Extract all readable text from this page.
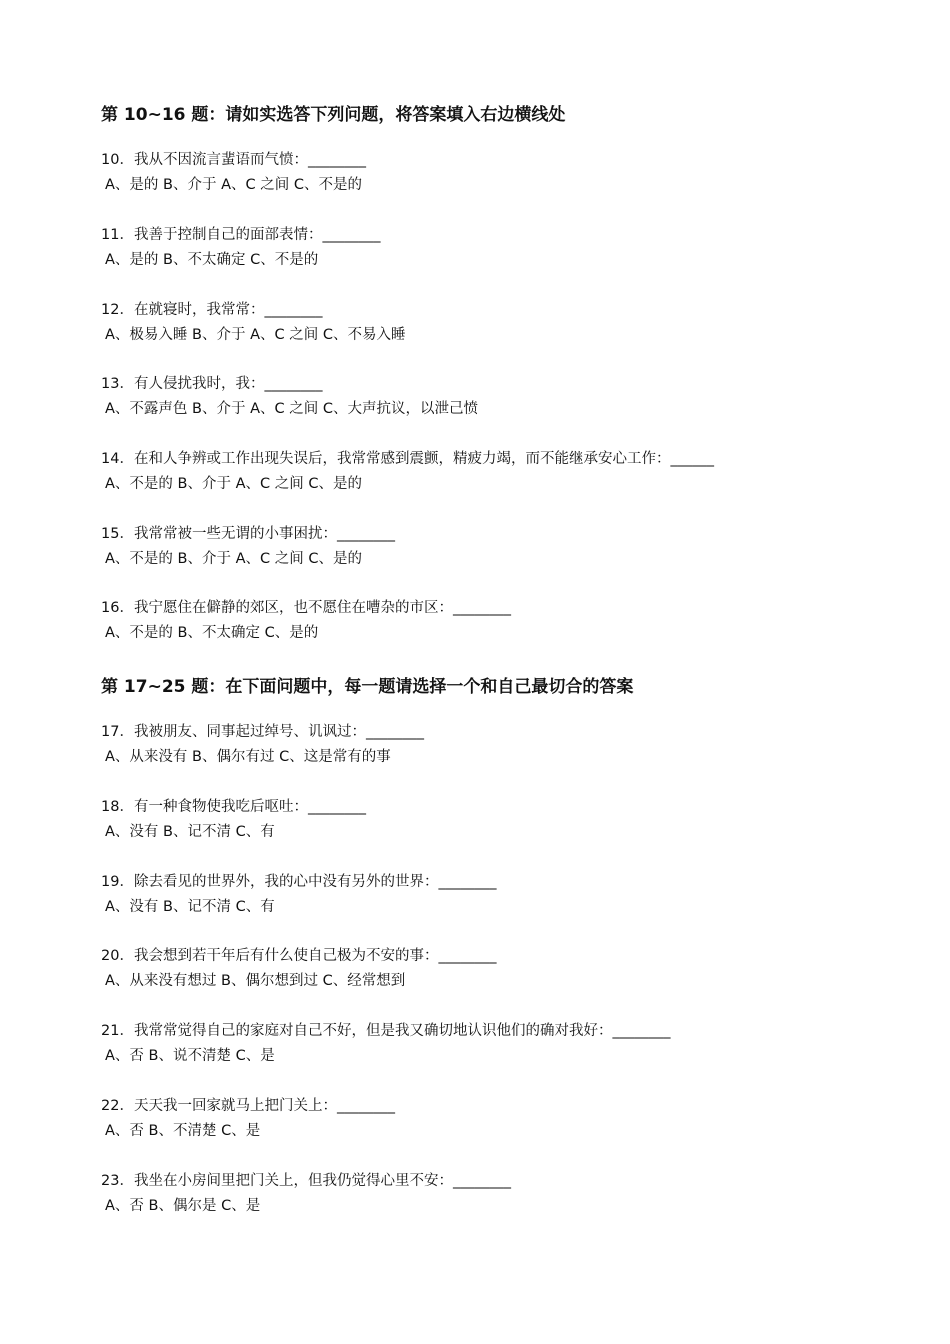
第 10~16 题：请如实选答下列问题，将答案填入右边横线处
10．我从不因流言蜚语而气愤：________
A、是的 B、介于 A、C 之间 C、不是的
11．我善于控制自己的面部表情：________
A、是的 B、不太确定 C、不是的
12．在就寝时，我常常：________
A、极易入睡 B、介于 A、C 之间 C、不易入睡
13．有人侵扰我时，我：________
A、不露声色 B、介于 A、C 之间 C、大声抗议，以泄己愤
14．在和人争辨或工作出现失误后，我常常感到震颤，精疲力竭，而不能继承安心工作：______
A、不是的 B、介于 A、C 之间 C、是的
15．我常常被一些无谓的小事困扰：________
A、不是的 B、介于 A、C 之间 C、是的
16．我宁愿住在僻静的郊区，也不愿住在嘈杂的市区：________
A、不是的 B、不太确定 C、是的
第 17~25 题：在下面问题中，每一题请选择一个和自己最切合的答案
17．我被朋友、同事起过绰号、讥讽过：________
A、从来没有 B、偶尔有过 C、这是常有的事
18．有一种食物使我吃后呕吐：________
A、没有 B、记不清 C、有
19．除去看见的世界外，我的心中没有另外的世界：________
A、没有 B、记不清 C、有
20．我会想到若干年后有什么使自己极为不安的事：________
A、从来没有想过 B、偶尔想到过 C、经常想到
21．我常常觉得自己的家庭对自己不好，但是我又确切地认识他们的确对我好：________
A、否 B、说不清楚 C、是
22．天天我一回家就马上把门关上：________
A、否 B、不清楚 C、是
23．我坐在小房间里把门关上，但我仍觉得心里不安：________
A、否 B、偶尔是 C、是
